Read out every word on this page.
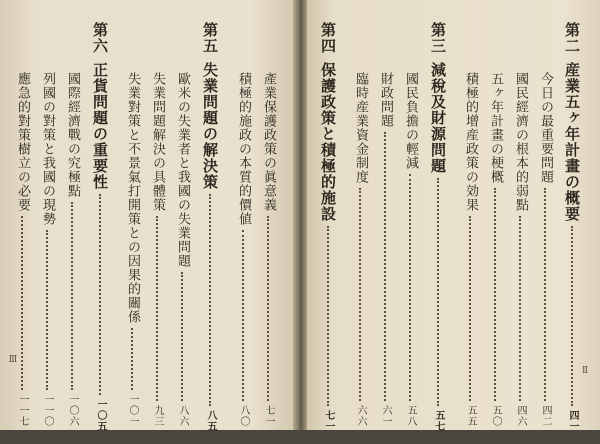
第二
産業五ヶ年計畫の概要
四一
今日の最重要問題
四二
國民經濟の根本的弱點
四六
五ヶ年計畫の梗概
五〇
積極的增産政策の効果
五五
第三
減稅及財源問題
五七
國民負擔の輕減
五八
財政問題
六一
臨時産業資金制度
六六
第四
保護政策と積極的施設
七一
產業保護政策の眞意義
七一
積極的施政の本質的價値
八〇
第五
失業問題の解決策
八五
歐米の失業者と我國の失業問題
八六
失業問題解決の具體策
九三
失業對策と不景氣打開策との因果的關係
一〇一
第六
正貨問題の重要性
一〇五
國際經濟戰の究極點
一〇六
列國の對策と我國の現勢
一一〇
應急的對策樹立の必要
一一七
Ⅱ
Ⅲ
